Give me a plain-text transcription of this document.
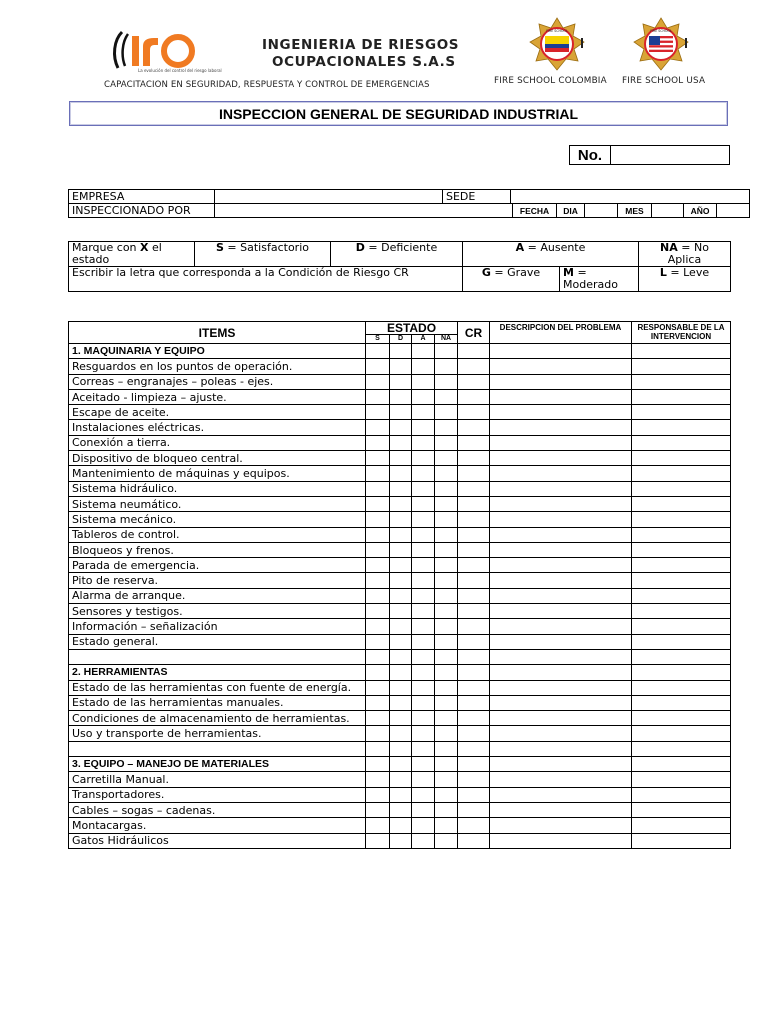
La evolución del control del riesgo laboral
INGENIERIA DE RIESGOS
OCUPACIONALES S.A.S
CAPACITACION EN SEGURIDAD, RESPUESTA Y CONTROL DE EMERGENCIAS
FIRE SCHOOL	FIRE SCHOOL
FIRE SCHOOL COLOMBIA FIRE SCHOOL USA
INSPECCION GENERAL DE SEGURIDAD INDUSTRIAL
No.
EMPRESA		SEDE								
INSPECCIONADO POR				FECHA	DIA		MES		AÑO	
Marque con X el estado	S = Satisfactorio	D = Deficiente	A = Ausente		NA = No Aplica
Escribir la letra que corresponda a la Condición de Riesgo CR			G = Grave	M = Moderado	L = Leve
ITEMS	ESTADO				CR	DESCRIPCION DEL PROBLEMA	RESPONSABLE DE LA INTERVENCION
	S	D	A	NA			
1. MAQUINARIA Y EQUIPO							
Resguardos en los puntos de operación.							
Correas – engranajes – poleas - ejes.							
Aceitado - limpieza – ajuste.							
Escape de aceite.							
Instalaciones eléctricas.							
Conexión a tierra.							
Dispositivo de bloqueo central.							
Mantenimiento de máquinas y equipos.							
Sistema hidráulico.							
Sistema neumático.							
Sistema mecánico.							
Tableros de control.							
Bloqueos y frenos.							
Parada de emergencia.							
Pito de reserva.							
Alarma de arranque.							
Sensores y testigos.							
Información – señalización							
Estado general.							

2. HERRAMIENTAS							
Estado de las herramientas con fuente de energía.							
Estado de las herramientas manuales.							
Condiciones de almacenamiento de herramientas.							
Uso y transporte de herramientas.							

3. EQUIPO – MANEJO DE MATERIALES							
Carretilla Manual.							
Transportadores.							
Cables – sogas – cadenas.							
Montacargas.							
Gatos Hidráulicos							
